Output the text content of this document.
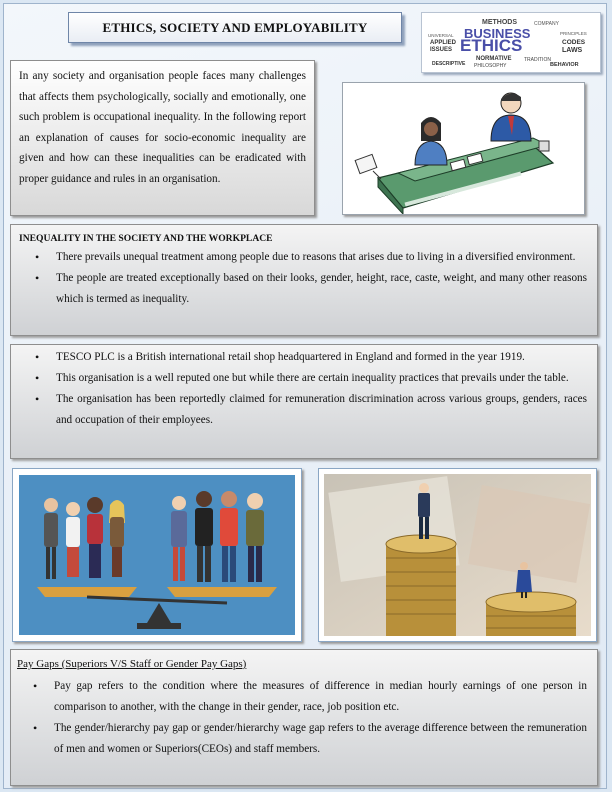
ETHICS, SOCIETY AND EMPLOYABILITY	METHODS	COMPANY
BUSINESS
UNIVERSAL
APPLIED
ISSUES ETHICS
PRINCIPLES
CODES
LAWS
NORMATIVE TRADITION
DESCRIPTIVE PHILOSOPHY	BEHAVIOR

In any society and organisation people faces many challenges that affects them psychologically, socially and emotionally, one such problem is occupational inequality. In the following report an explanation of causes for socio-economic inequality are given and how can these inequalities can be eradicated with proper guidance and rules in an organisation.

INEQUALITY IN THE SOCIETY AND THE WORKPLACE
• There prevails unequal treatment among people due to reasons that arises due to living in a diversified environment.
• The people are treated exceptionally based on their looks, gender, height, race, caste, weight, and many other reasons which is termed as inequality.
• TESCO PLC is a British international retail shop headquartered in England and formed in the year 1919.
• This organisation is a well reputed one but while there are certain inequality practices that prevails under the table.
• The organisation has been reportedly claimed for remuneration discrimination across various groups, genders, races and occupation of their employees.
Pay Gaps (Superiors V/S Staff or Gender Pay Gaps)
• Pay gap refers to the condition where the measures of difference in median hourly earnings of one person in comparison to another, with the change in their gender, race, job position etc.
• The gender/hierarchy pay gap or gender/hierarchy wage gap refers to the average difference between the remuneration of men and women or Superiors(CEOs) and staff members.
